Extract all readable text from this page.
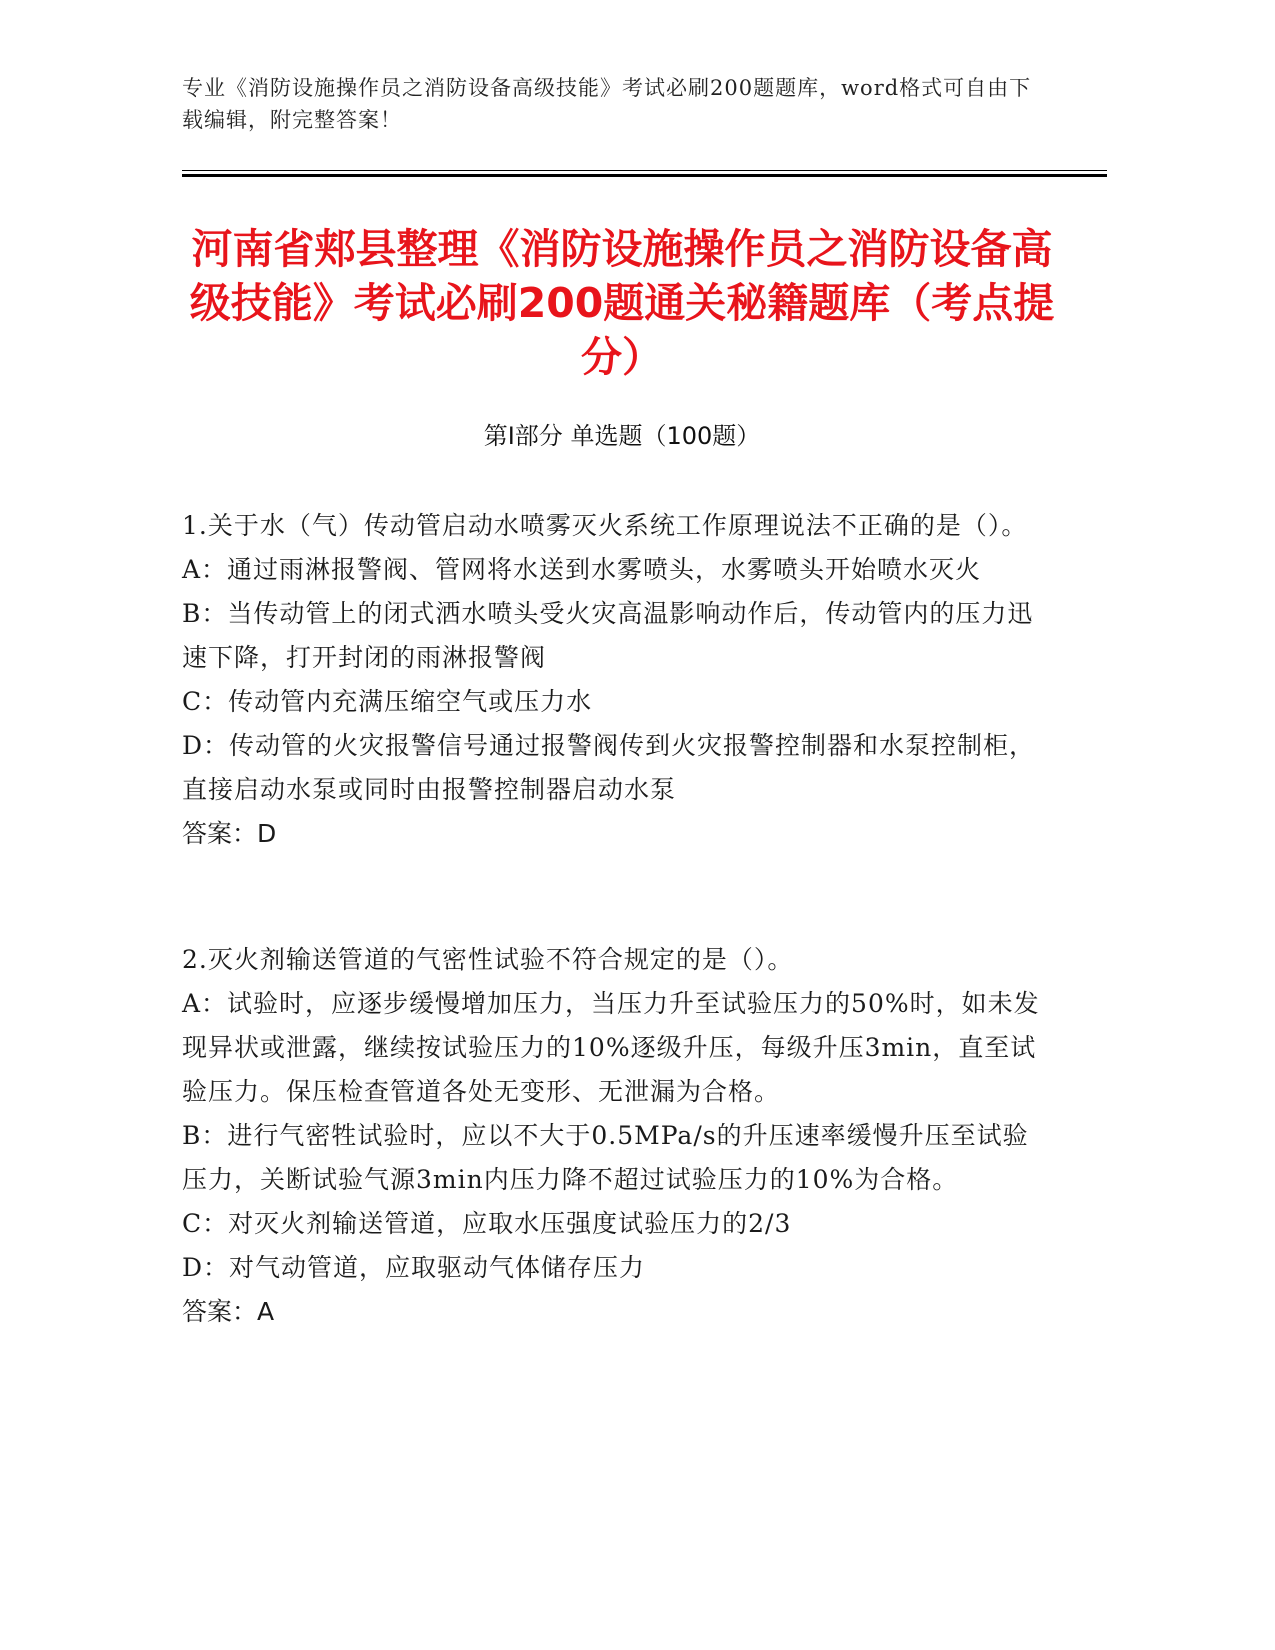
专业《消防设施操作员之消防设备高级技能》考试必刷200题题库，word格式可自由下载编辑，附完整答案！
河南省郏县整理《消防设施操作员之消防设备高级技能》考试必刷200题通关秘籍题库（考点提分）
第I部分 单选题（100题）

1.关于水（气）传动管启动水喷雾灭火系统工作原理说法不正确的是（）。

A：通过雨淋报警阀、管网将水送到水雾喷头，水雾喷头开始喷水灭火

B：当传动管上的闭式洒水喷头受火灾高温影响动作后，传动管内的压力迅速下降，打开封闭的雨淋报警阀

C：传动管内充满压缩空气或压力水

D：传动管的火灾报警信号通过报警阀传到火灾报警控制器和水泵控制柜，直接启动水泵或同时由报警控制器启动水泵

答案：D

2.灭火剂输送管道的气密性试验不符合规定的是（）。

A：试验时，应逐步缓慢增加压力，当压力升至试验压力的50%时，如未发现异状或泄露，继续按试验压力的10%逐级升压，每级升压3min，直至试验压力。保压检查管道各处无变形、无泄漏为合格。

B：进行气密牲试验时，应以不大于0.5MPa/s的升压速率缓慢升压至试验压力，关断试验气源3min内压力降不超过试验压力的10%为合格。

C：对灭火剂输送管道，应取水压强度试验压力的2/3

D：对气动管道，应取驱动气体储存压力

答案：A
